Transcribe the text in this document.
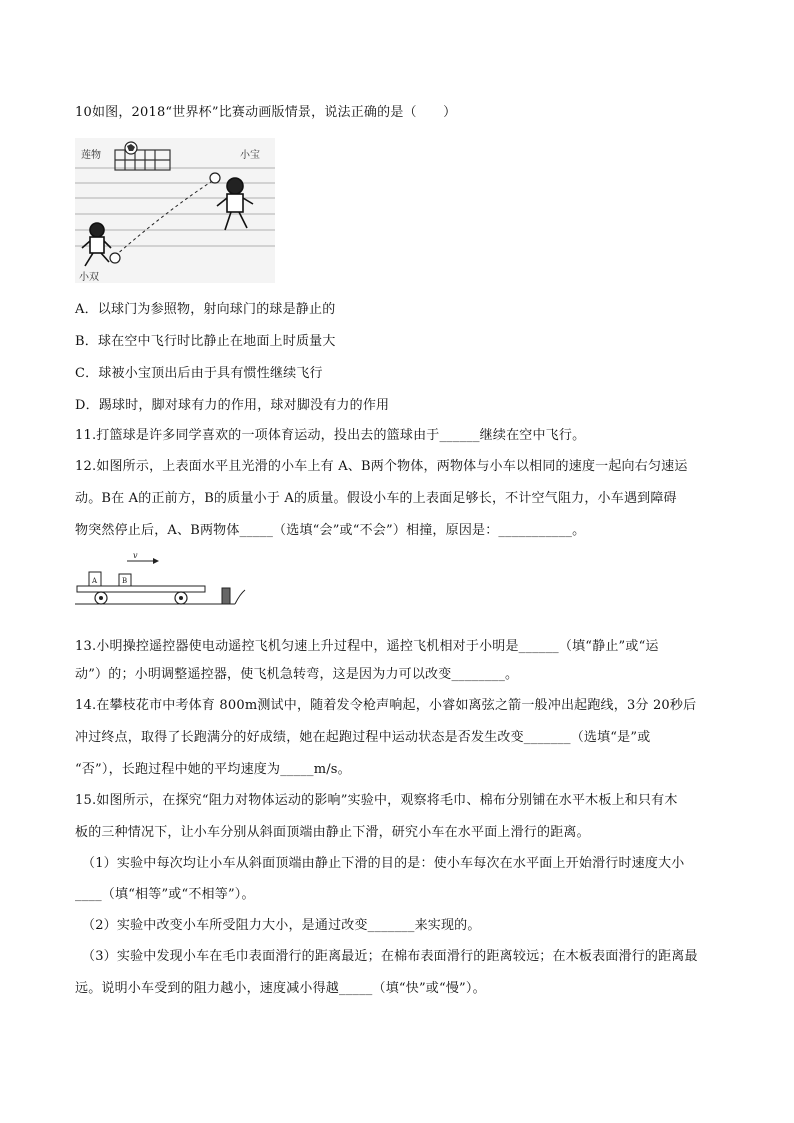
10如图，2018“世界杯”比赛动画版情景，说法正确的是（　　）
莲物	小宝
小双
A．以球门为参照物，射向球门的球是静止的
B．球在空中飞行时比静止在地面上时质量大
C．球被小宝顶出后由于具有惯性继续飞行
D．踢球时，脚对球有力的作用，球对脚没有力的作用
11.打篮球是许多同学喜欢的一项体育运动，投出去的篮球由于______继续在空中飞行。
12.如图所示，上表面水平且光滑的小车上有 A、B两个物体，两物体与小车以相同的速度一起向右匀速运
动。B在 A的正前方，B的质量小于 A的质量。假设小车的上表面足够长，不计空气阻力，小车遇到障碍
物突然停止后，A、B两物体_____（选填“会”或“不会”）相撞，原因是：___________。
v
A	B
13.小明操控遥控器使电动遥控飞机匀速上升过程中，遥控飞机相对于小明是______（填“静止”或“运
动”）的；小明调整遥控器，使飞机急转弯，这是因为力可以改变________。
14.在攀枝花市中考体育 800m测试中，随着发令枪声响起，小睿如离弦之箭一般冲出起跑线，3分 20秒后
冲过终点，取得了长跑满分的好成绩，她在起跑过程中运动状态是否发生改变_______（选填“是”或
“否”），长跑过程中她的平均速度为_____m/s。
15.如图所示，在探究“阻力对物体运动的影响”实验中，观察将毛巾、棉布分别铺在水平木板上和只有木
板的三种情况下，让小车分别从斜面顶端由静止下滑，研究小车在水平面上滑行的距离。
（1）实验中每次均让小车从斜面顶端由静止下滑的目的是：使小车每次在水平面上开始滑行时速度大小
____（填“相等”或“不相等”）。
（2）实验中改变小车所受阻力大小，是通过改变_______来实现的。
（3）实验中发现小车在毛巾表面滑行的距离最近；在棉布表面滑行的距离较远；在木板表面滑行的距离最
远。说明小车受到的阻力越小，速度减小得越_____（填“快”或“慢”）。
